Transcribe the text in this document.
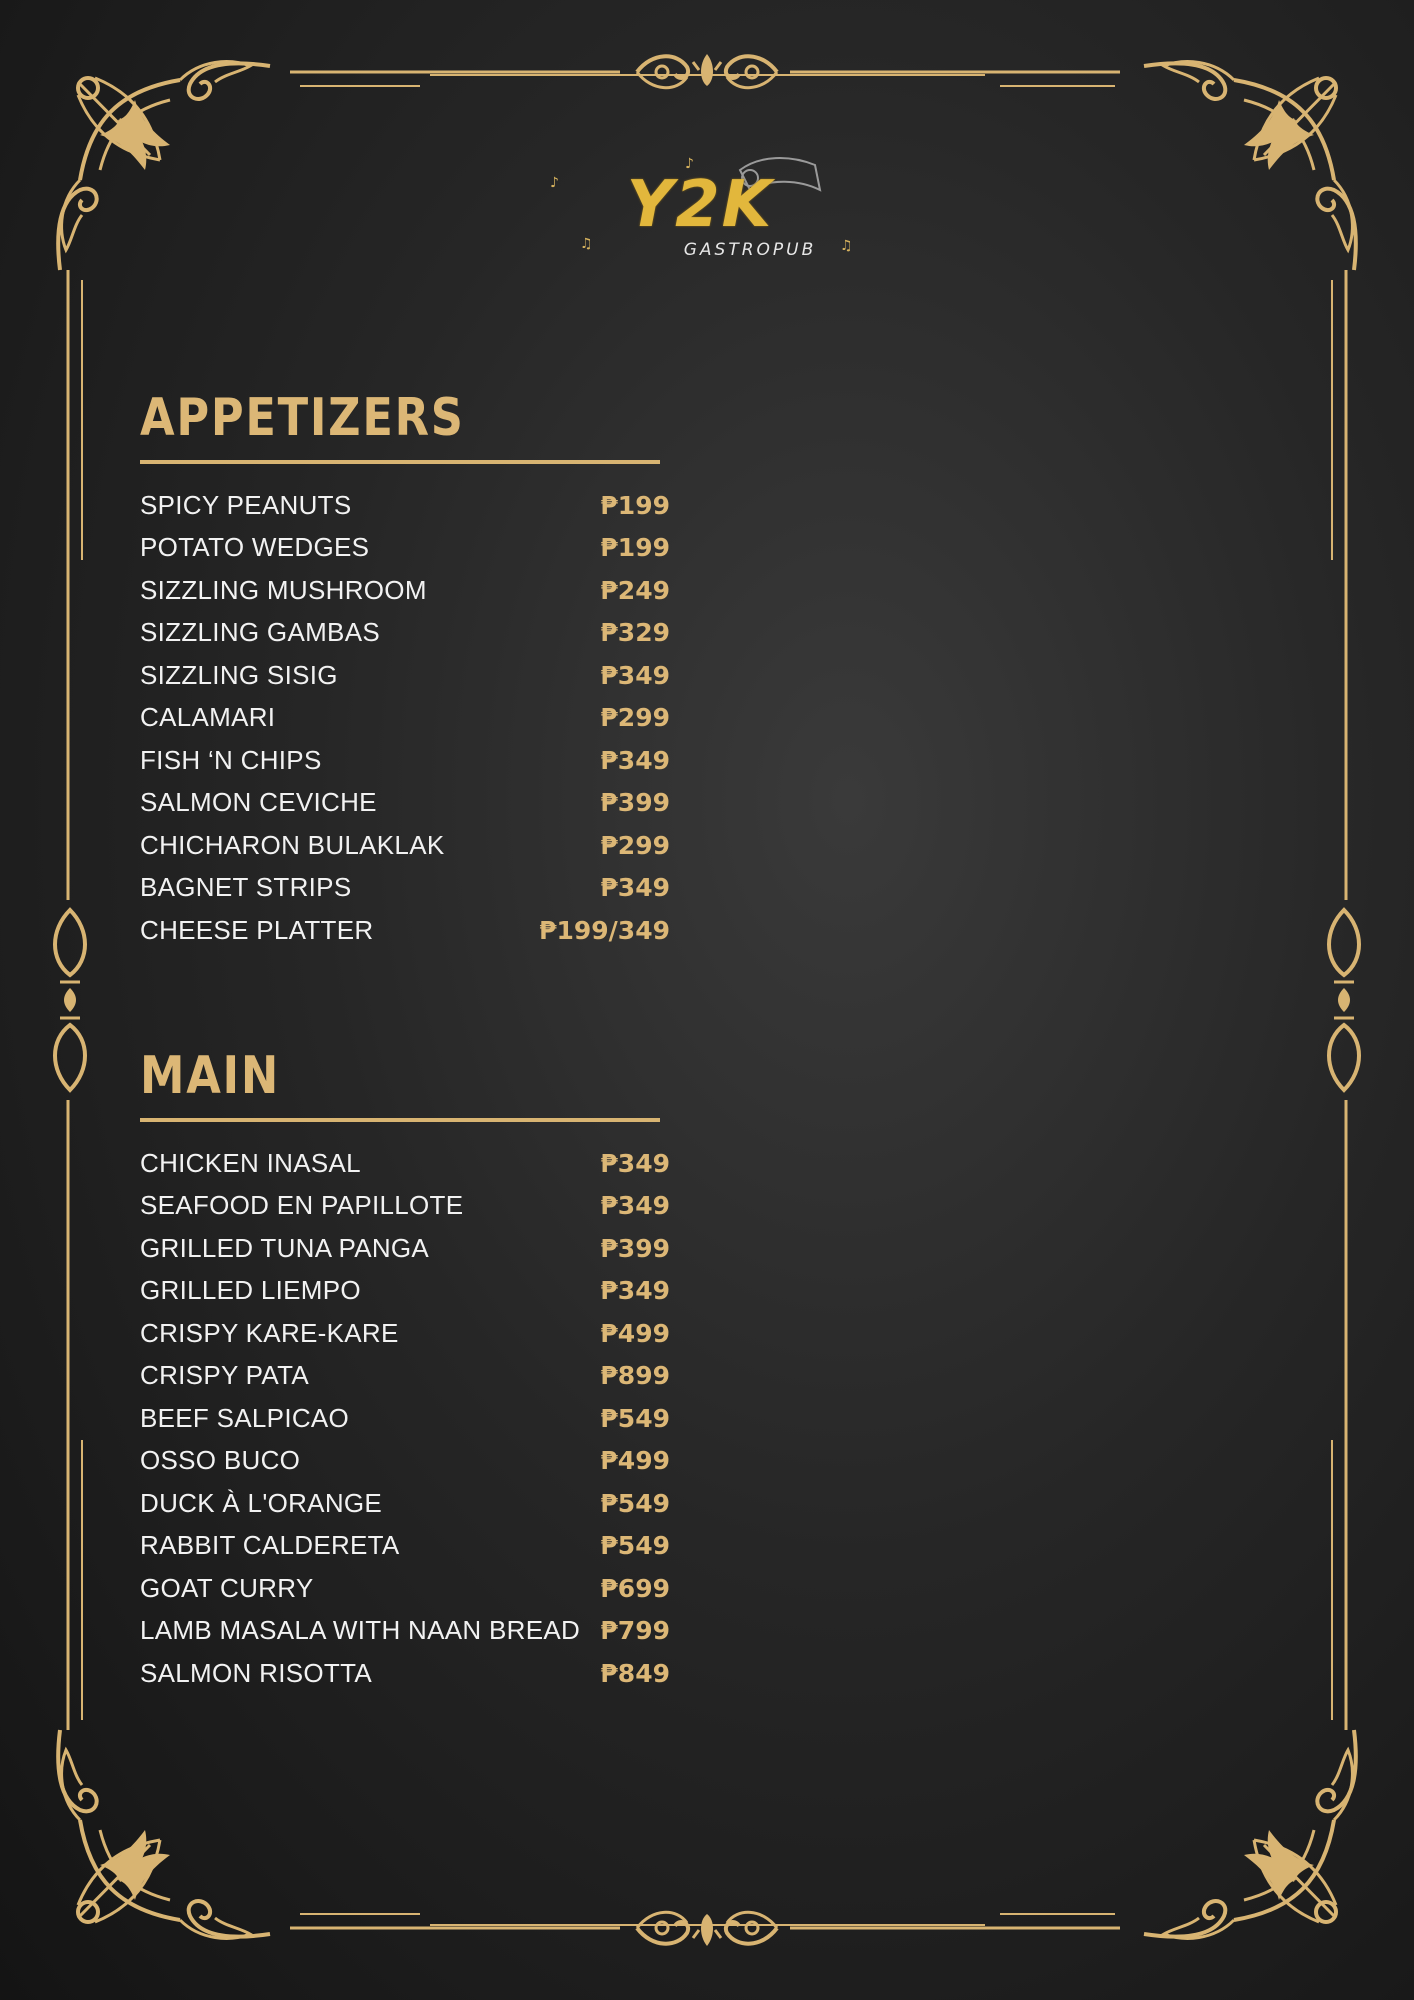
♪
♪
♫	♫
Y2K
GASTROPUB
APPETIZERS
SPICY PEANUTS	₱199
POTATO WEDGES	₱199
SIZZLING MUSHROOM	₱249
SIZZLING GAMBAS	₱329
SIZZLING SISIG	₱349
CALAMARI	₱299
FISH ‘N CHIPS	₱349
SALMON CEVICHE	₱399
CHICHARON BULAKLAK	₱299
BAGNET STRIPS	₱349
CHEESE PLATTER	₱199/349
MAIN
CHICKEN INASAL	₱349
SEAFOOD EN PAPILLOTE	₱349
GRILLED TUNA PANGA	₱399
GRILLED LIEMPO	₱349
CRISPY KARE-KARE	₱499
CRISPY PATA	₱899
BEEF SALPICAO	₱549
OSSO BUCO	₱499
DUCK À L'ORANGE	₱549
RABBIT CALDERETA	₱549
GOAT CURRY	₱699
LAMB MASALA WITH NAAN BREAD ₱799
SALMON RISOTTA	₱849
